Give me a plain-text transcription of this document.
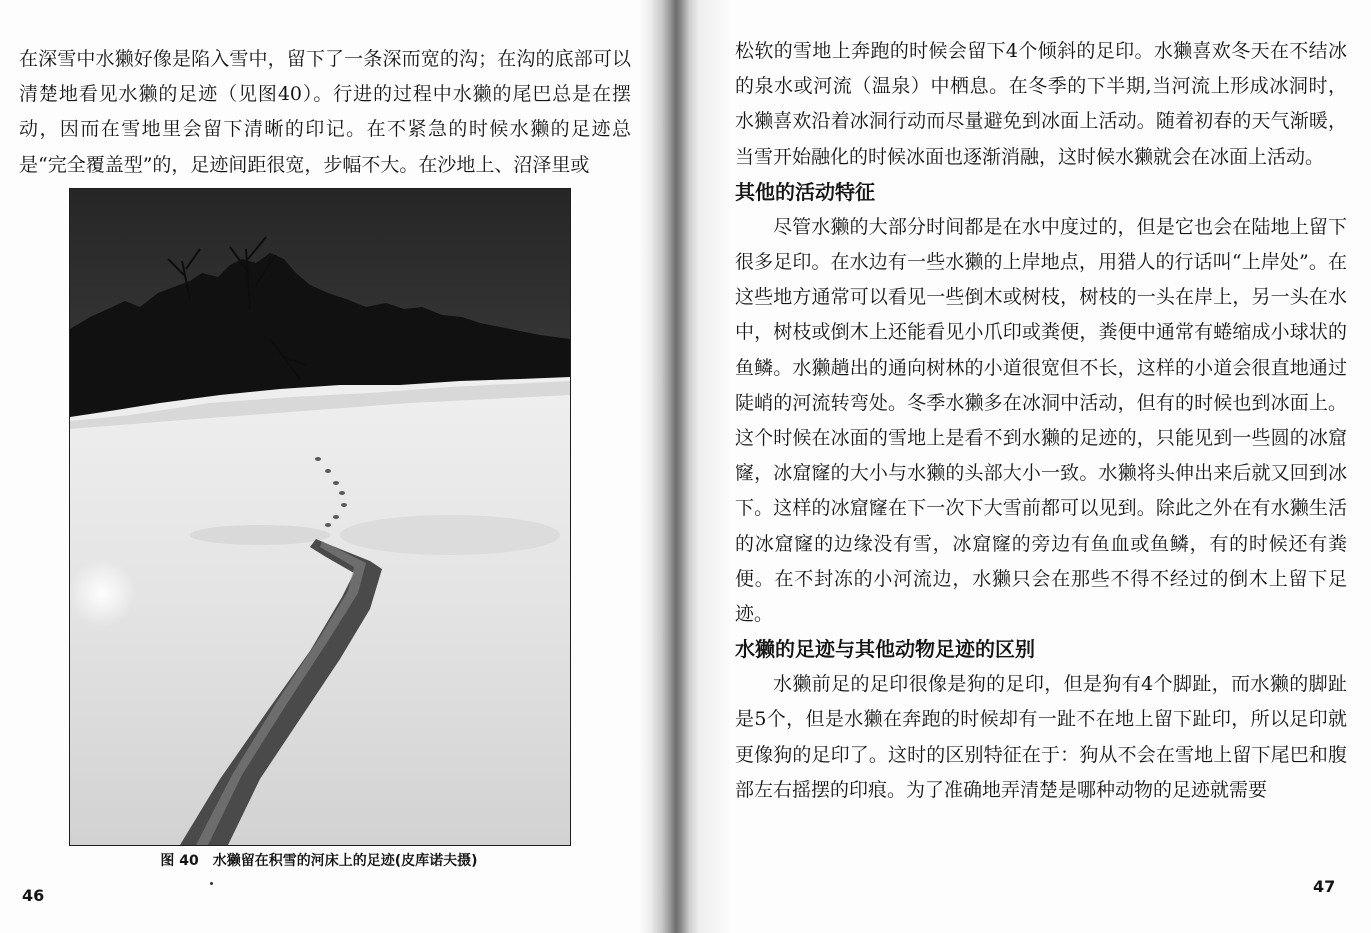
在深雪中水獭好像是陷入雪中，留下了一条深而宽的沟；在沟的底部可以清楚地看见水獭的足迹（见图40）。行进的过程中水獭的尾巴总是在摆动，因而在雪地里会留下清晰的印记。在不紧急的时候水獭的足迹总是“完全覆盖型”的，足迹间距很宽，步幅不大。在沙地上、沼泽里或

图 40　水獭留在积雪的河床上的足迹(皮库诺夫摄)
46

松软的雪地上奔跑的时候会留下4个倾斜的足印。水獭喜欢冬天在不结冰的泉水或河流（温泉）中栖息。在冬季的下半期,当河流上形成冰洞时，水獭喜欢沿着冰洞行动而尽量避免到冰面上活动。随着初春的天气渐暖，当雪开始融化的时候冰面也逐渐消融，这时候水獭就会在冰面上活动。

其他的活动特征

尽管水獭的大部分时间都是在水中度过的，但是它也会在陆地上留下很多足印。在水边有一些水獭的上岸地点，用猎人的行话叫“上岸处”。在这些地方通常可以看见一些倒木或树枝，树枝的一头在岸上，另一头在水中，树枝或倒木上还能看见小爪印或粪便，粪便中通常有蜷缩成小球状的鱼鳞。水獭趟出的通向树林的小道很宽但不长，这样的小道会很直地通过陡峭的河流转弯处。冬季水獭多在冰洞中活动，但有的时候也到冰面上。这个时候在冰面的雪地上是看不到水獭的足迹的，只能见到一些圆的冰窟窿，冰窟窿的大小与水獭的头部大小一致。水獭将头伸出来后就又回到冰下。这样的冰窟窿在下一次下大雪前都可以见到。除此之外在有水獭生活的冰窟窿的边缘没有雪，冰窟窿的旁边有鱼血或鱼鳞，有的时候还有粪便。在不封冻的小河流边，水獭只会在那些不得不经过的倒木上留下足迹。

水獭的足迹与其他动物足迹的区别

水獭前足的足印很像是狗的足印，但是狗有4个脚趾，而水獭的脚趾是5个，但是水獭在奔跑的时候却有一趾不在地上留下趾印，所以足印就更像狗的足印了。这时的区别特征在于：狗从不会在雪地上留下尾巴和腹部左右摇摆的印痕。为了准确地弄清楚是哪种动物的足迹就需要

47
